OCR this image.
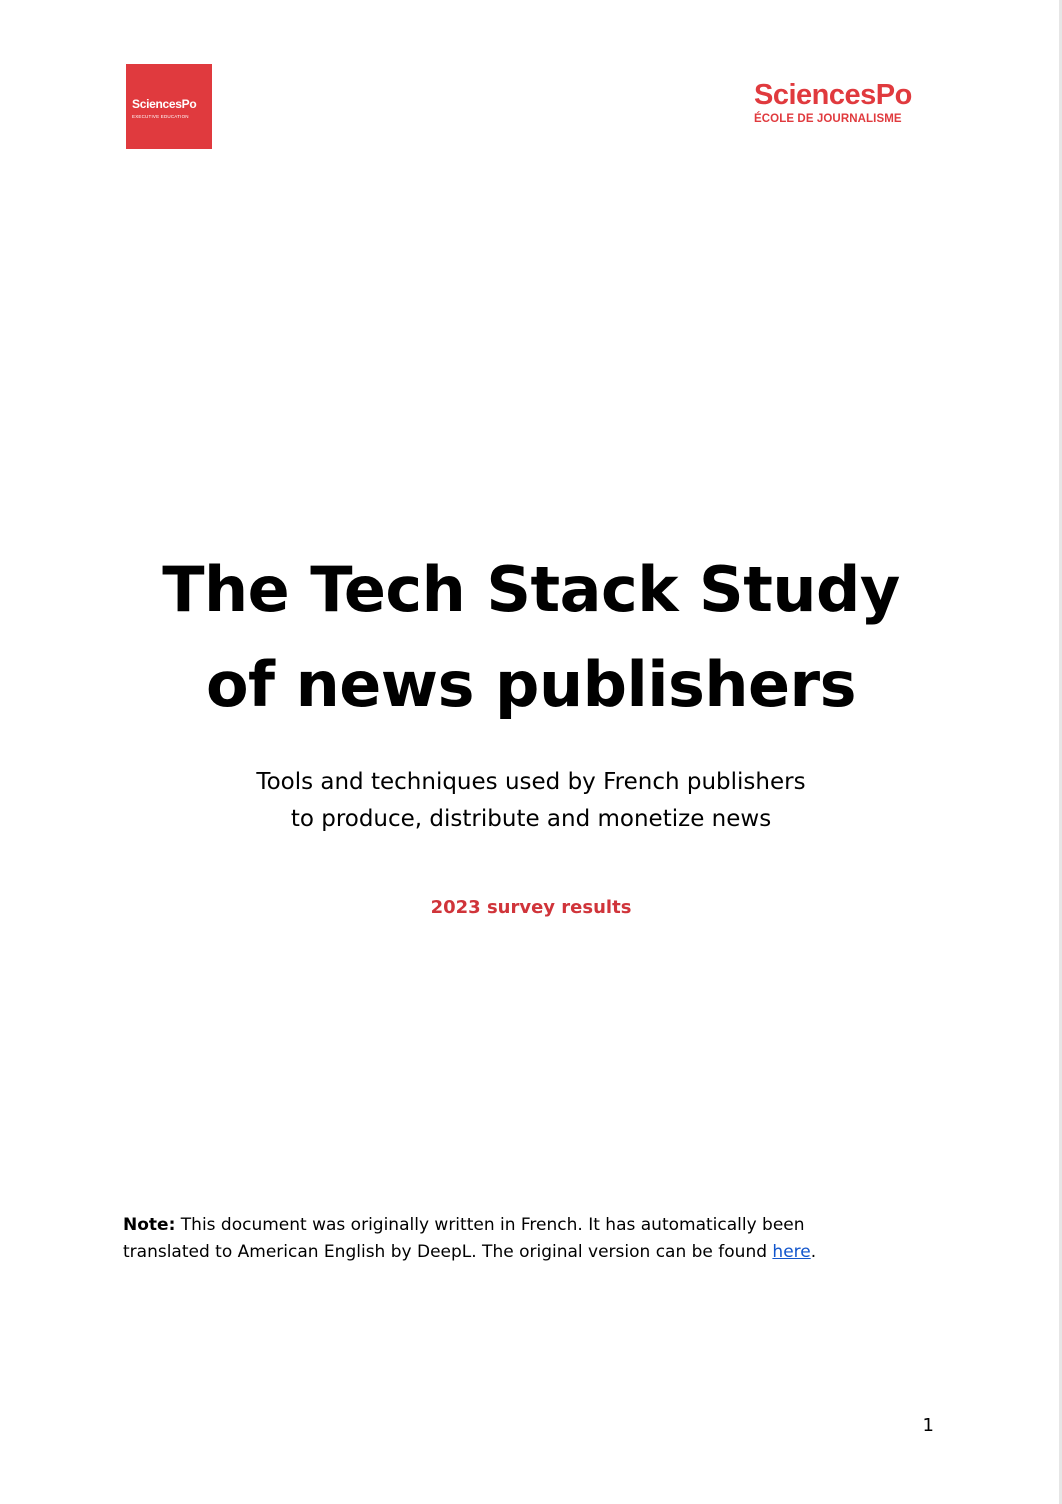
SciencesPo
EXECUTIVE EDUCATION
SciencesPo
ÉCOLE DE JOURNALISME
The Tech Stack Study
of news publishers

Tools and techniques used by French publishers
to produce, distribute and monetize news

2023 survey results

Note: This document was originally written in French. It has automatically been
translated to American English by DeepL. The original version can be found here.

1
